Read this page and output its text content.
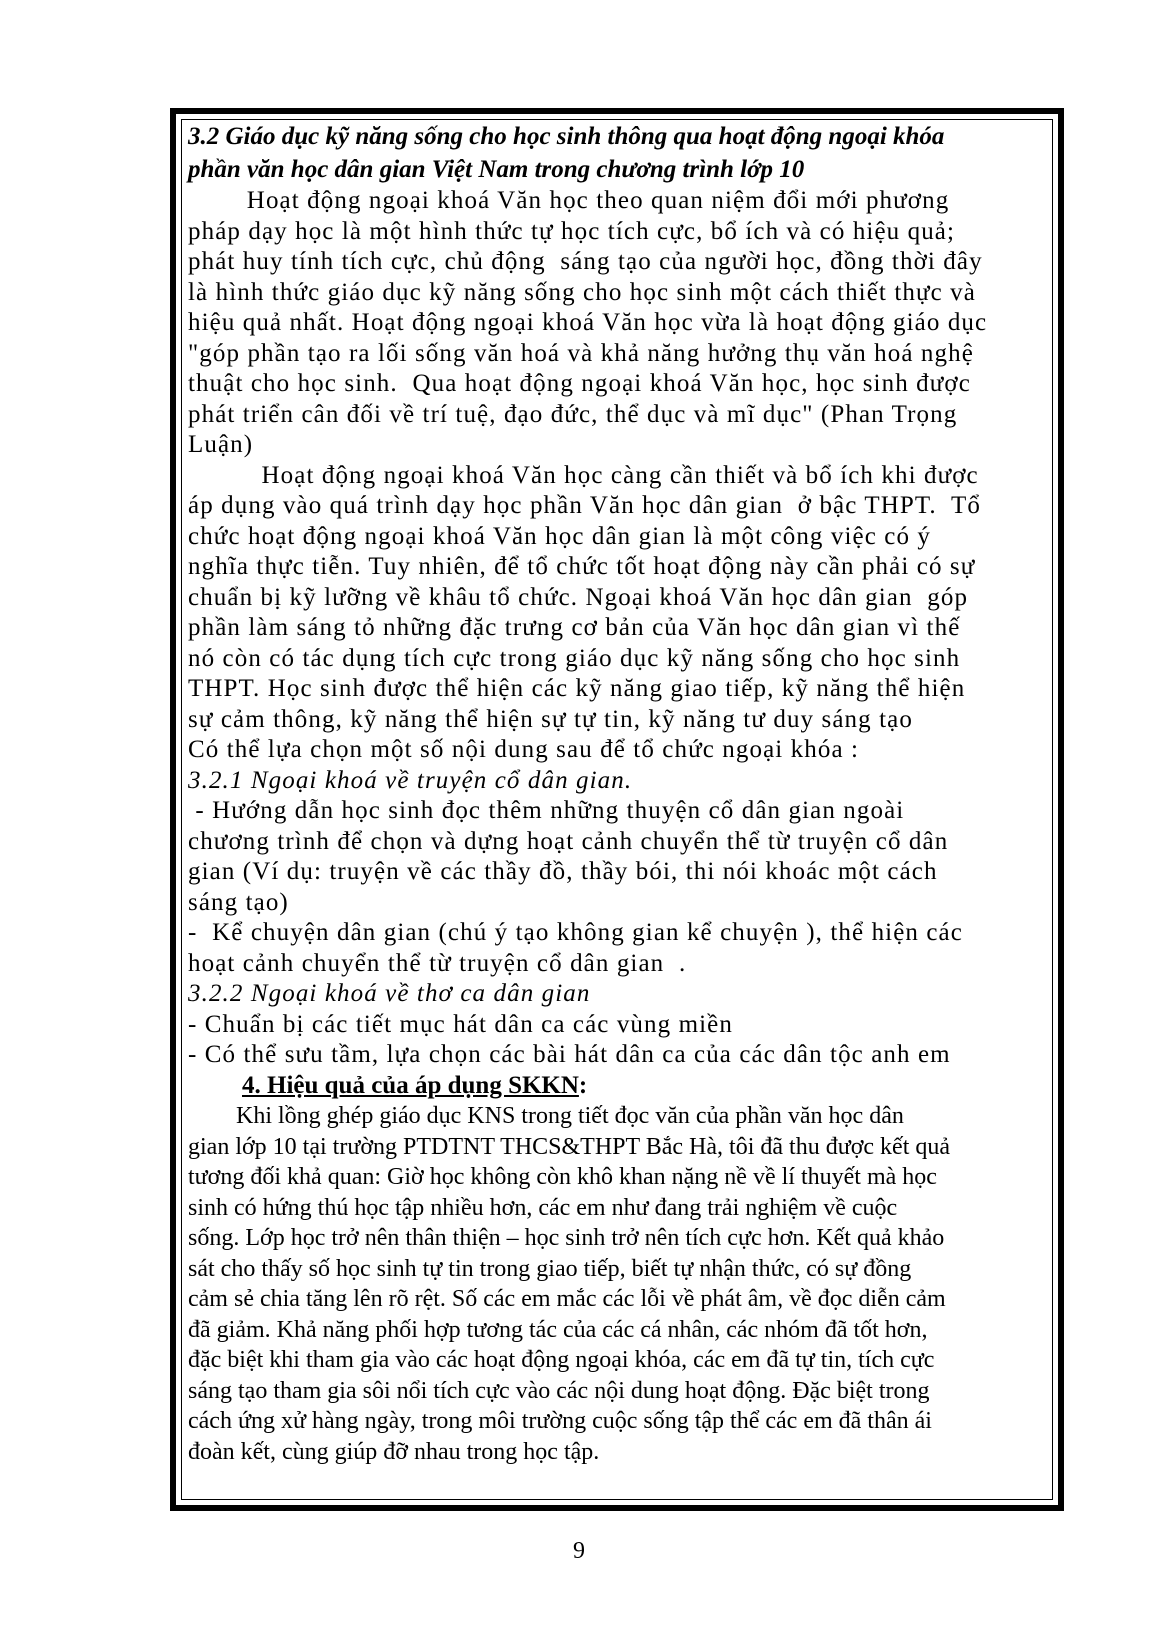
3.2 Giáo dục kỹ năng sống cho học sinh thông qua hoạt động ngoại khóa
phần văn học dân gian Việt Nam trong chương trình lớp 10
Hoạt động ngoại khoá Văn học theo quan niệm đổi mới phương
pháp dạy học là một hình thức tự học tích cực, bổ ích và có hiệu quả;
phát huy tính tích cực, chủ động  sáng tạo của người học, đồng thời đây
là hình thức giáo dục kỹ năng sống cho học sinh một cách thiết thực và
hiệu quả nhất. Hoạt động ngoại khoá Văn học vừa là hoạt động giáo dục
"góp phần tạo ra lối sống văn hoá và khả năng hưởng thụ văn hoá nghệ
thuật cho học sinh.  Qua hoạt động ngoại khoá Văn học, học sinh được
phát triển cân đối về trí tuệ, đạo đức, thể dục và mĩ dục" (Phan Trọng
Luận)
Hoạt động ngoại khoá Văn học càng cần thiết và bổ ích khi được
áp dụng vào quá trình dạy học phần Văn học dân gian  ở bậc THPT.  Tổ
chức hoạt động ngoại khoá Văn học dân gian là một công việc có ý
nghĩa thực tiễn. Tuy nhiên, để tổ chức tốt hoạt động này cần phải có sự
chuẩn bị kỹ lưỡng về khâu tổ chức. Ngoại khoá Văn học dân gian  góp
phần làm sáng tỏ những đặc trưng cơ bản của Văn học dân gian vì thế
nó còn có tác dụng tích cực trong giáo dục kỹ năng sống cho học sinh
THPT. Học sinh được thể hiện các kỹ năng giao tiếp, kỹ năng thể hiện
sự cảm thông, kỹ năng thể hiện sự tự tin, kỹ năng tư duy sáng tạo
Có thể lựa chọn một số nội dung sau để tổ chức ngoại khóa :
3.2.1 Ngoại khoá về truyện cổ dân gian.
- Hướng dẫn học sinh đọc thêm những thuyện cổ dân gian ngoài
chương trình để chọn và dựng hoạt cảnh chuyển thể từ truyện cổ dân
gian (Ví dụ: truyện về các thầy đồ, thầy bói, thi nói khoác một cách
sáng tạo)
-  Kể chuyện dân gian (chú ý tạo không gian kể chuyện ), thể hiện các
hoạt cảnh chuyển thể từ truyện cổ dân gian  .
3.2.2 Ngoại khoá về thơ ca dân gian
- Chuẩn bị các tiết mục hát dân ca các vùng miền
- Có thể sưu tầm, lựa chọn các bài hát dân ca của các dân tộc anh em
4. Hiệu quả của áp dụng SKKN:
Khi lồng ghép giáo dục KNS trong tiết đọc văn của phần văn học dân
gian lớp 10 tại trường PTDTNT THCS&THPT Bắc Hà, tôi đã thu được kết quả
tương đối khả quan: Giờ học không còn khô khan nặng nề về lí thuyết mà học
sinh có hứng thú học tập nhiều hơn, các em như đang trải nghiệm về cuộc
sống. Lớp học trở nên thân thiện – học sinh trở nên tích cực hơn. Kết quả khảo
sát cho thấy số học sinh tự tin trong giao tiếp, biết tự nhận thức, có sự đồng
cảm sẻ chia tăng lên rõ rệt. Số các em mắc các lỗi về phát âm, về đọc diễn cảm
đã giảm. Khả năng phối hợp tương tác của các cá nhân, các nhóm đã tốt hơn,
đặc biệt khi tham gia vào các hoạt động ngoại khóa, các em đã tự tin, tích cực
sáng tạo tham gia sôi nổi tích cực vào các nội dung hoạt động. Đặc biệt trong
cách ứng xử hàng ngày, trong môi trường cuộc sống tập thể các em đã thân ái
đoàn kết, cùng giúp đỡ nhau trong học tập.
9
